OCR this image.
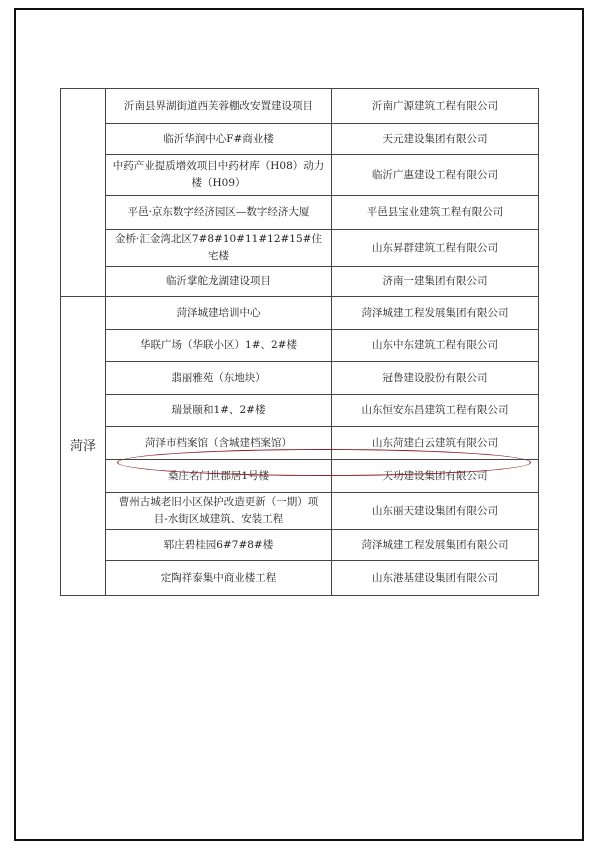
	沂南县界湖街道西芙蓉棚改安置建设项目	沂南广源建筑工程有限公司
	临沂华润中心F#商业楼	天元建设集团有限公司
	中药产业提质增效项目中药材库（H08）动力楼（H09）	临沂广惠建设工程有限公司
	平邑·京东数字经济园区—数字经济大厦	平邑县宝业建筑工程有限公司
	金桥·汇金湾北区7#8#10#11#12#15#住宅楼	山东昇群建筑工程有限公司
	临沂掌舵龙湖建设项目	济南一建集团有限公司
菏泽	菏泽城建培训中心	菏泽城建工程发展集团有限公司
	华联广场（华联小区）1#、2#楼	山东中东建筑工程有限公司
	翡丽雅苑（东地块）	冠鲁建设股份有限公司
	瑞景颐和1#、2#楼	山东恒安东昌建筑工程有限公司
	菏泽市档案馆（含城建档案馆）	山东菏建白云建筑有限公司
	桑庄名门世郡居1号楼	天功建设集团有限公司
	曹州古城老旧小区保护改造更新（一期）项目-水街区域建筑、安装工程	山东丽天建设集团有限公司
	郓庄碧桂园6#7#8#楼	菏泽城建工程发展集团有限公司
	定陶祥泰集中商业楼工程	山东港基建设集团有限公司
